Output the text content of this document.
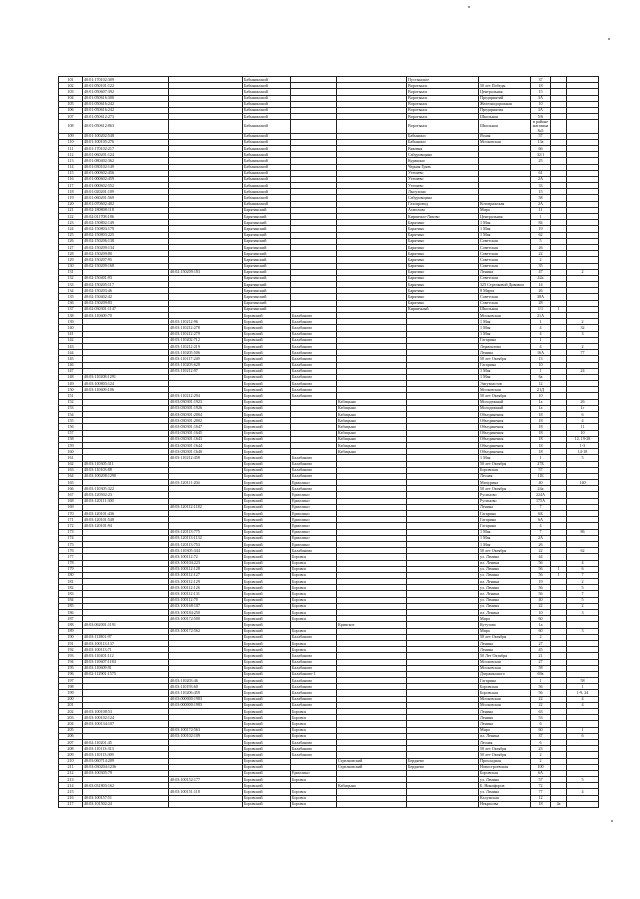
101	40:01:170102:309		Бабынинский			Пустынское		37		
102	40:01:050101:122		Бабынинский			Воротынск	50 лет Победы	18		
103	40:01:050607:392		Бабынинский			Воротынск	Центральная	15		
104	40:01:050616:300		Бабынинский			Воротынск	Предприятий	3А		
105	40:01:050616:242		Бабынинский			Воротынск	Железнодорожная	10		
106	40:01:050616:242		Бабынинский			Воротынск	Предприятия	3А		
107	40:01:050612:273		Бабынинский			Воротынск	Школьная	5/6		
108	40:01:050612:863		Бабынинский			Воротынск	Школьная	в районе магазина №5		
109	40:01:100202:548		Бабынинский			Бабынино	Ясная	57		
110	40:01:100105:276		Бабынинский			Бабынино	Московская	13а		
111	40:01:170102:217		Бабынинский			Вязовня		66		
112	40:01:060201:124		Бабынинский			Сабуровщино		32/1		
113	40:01:080402:362		Бабынинский			Куракино		25		
114	40:01:030102:149		Бабынинский			Черная Грязь				
115	40:01:000602:456		Бабынинский			Утешево		61		
116	40:01:000602:459		Бабынинский			Утешево		2А		
117	40:01:000602:552		Бабынинский			Утешево		33		
118	40:01:020201:109		Бабынинский			Лысухино		15		
119	40:01:060201:569		Бабынинский			Сабуровщино		58		
120	40:01:070602:402		Бабынинский			Газопровод	Котовражская	2А		
121	40:02:180808:118		Барятинский			Асмолово	Мира	11		
122	40:02:011708:186		Барятинский			Кирпично-Ляхово	Центральная	1		
123	40:02:150802:149		Барятинский			Барятино	1 Мая	84		
124	40:02:150803:179		Барятинский			Барятино	1 Мая	19		
125	40:02:150803:225		Барятинский			Барятино	1 Мая	62		
126	40:02:150206:138		Барятинский			Барятино	Советская	5		
127	40:02:150209:134		Барятинский			Барятино	Советская	26		
128	40:02:150209:80		Барятинский			Барятино	Советская	22		
129	40:02:150207:95		Барятинский			Барятино	Советская	2		
130	40:02:150209:168		Барятинский			Барятино	Советская	35		
131		40:02:150209:183	Барятинский			Барятино	Ленина	47		2
132	40:02:150401:93		Барятинский			Барятино	Советская	42а		
133	40:02:150205:117		Барятинский			Барятино	325 Стрелковой Дивизии	14		
134	40:02:150203:46		Барятинский			Барятино	8 Марта	26		
135	40:02:150402:42		Барятинский			Барятино	Советская	38А		
136	40:02:150209:83		Барятинский			Барятино	Советская	28		
137	40:02:030301:1147		Барятинский			Кирпичный	Школьная	1/1	1	
138	40:03:110609:70		Боровский	Балабаново			Московская	21А		
139		40:03:110212:96	Боровский	Балабаново			1 Мая	1		2
140		40:03:110212:278	Боровский	Балабаново			1 Мая	4		32
141		40:03:110212:279	Боровский	Балабаново			1 Мая	4		3
142		40:03:110202:712	Боровский	Балабаново			Гагарина	1		
143		40:03:110212:219	Боровский	Балабаново			Лермонтова	4		2
144		40:03:110205:506	Боровский	Балабаново			Ленина	16А		77
145		40:03:110117:249	Боровский	Балабаново			50 лет Октября	13		
146		40:03:110203:628	Боровский	Балабаново			Гагарина	10		
147		40:03:110212:97	Боровский	Балабаново			1 Мая	1		24
148	40:03:110208:1291		Боровский	Балабаново			1 Мая	6а		
149	40:03:100803:124		Боровский	Балабаново			Энтузиастов	12		
150	40:03:110609:106		Боровский	Балабаново			Московская	21Д		
151		40:03:110212:294	Боровский	Балабаново			50 лет Октября	10		
152		40:03:030301:1923	Боровский		Кабицыно		Молодежный	1а		26
153		40:03:030301:1926	Боровский		Кабицыно		Молодежный	1а		1г
154		40:03:030301:2004	Боровский		Кабицыно		Объединения	18		6
155		40:03:030301:2002	Боровский		Кабицыно		Объединения	18		4
156		40:03:030301:1647	Боровский		Кабицыно		Объединения	18		11
157		40:03:030301:1645	Боровский		Кабицыно		Объединения	18		10
158		40:03:030301:1643	Боровский		Кабицыно		Объединения	18		12, 19-28
159		40:03:030301:1644	Боровский		Кабицыно		Объединения	18		1-3
160		40:03:030301:1646	Боровский		Кабицыно		Объединения	18		14-18
161		40:03:110212:458	Боровский	Балабаново			1 Мая	1		5
162	40:03:110305:311		Боровский	Балабаново			50 лет Октября	27Б		
163	40:03:110103:88		Боровский	Балабаново			Боровская	57		
164	40:03:100208:1290		Боровский	Балабаново			Лесная	11Б		
165		40:03:120111:204	Боровский	Ермолино			Мичурина	40		140
166	40:03:110305:322		Боровский	Балабаново			50 лет Октября	24а		
167	40:03:120502:23		Боровский	Ермолино			Русиново	224А		
168	40:03:120111:300		Боровский	Ермолино			Русиново	175А		
169		40:03:120112:1182	Боровский	Ермолино			Ленина	7		
170	40:03:120101:436		Боровский	Ермолино			Гагарина	6Б		
171	40:03:120101:548		Боровский	Ермолино			Гагарина	6А		
172	40:03:120101:94		Боровский	Ермолино			Гагарина	4		
173		40:03:120113:775	Боровский	Ермолино			1 Мая	7		86
174		40:03:120113:1132	Боровский	Ермолино			1 Мая	2А		
175		40:03:120113:753	Боровский	Ермолино			1 Мая	26		
176		40:03:110305:344	Боровский	Балабаново			50 лет Октября	22		62
177		40:03:100112:72	Боровский	Боровск			ул. Ленина	44		
178		40:03:100104:223	Боровский	Боровск			пл. Ленина	56		4
179		40:03:100112:128	Боровский	Боровск			ул. Ленина	56	1	6
180		40:03:100112:127	Боровский	Боровск			ул. Ленина	56	1	7
181		40:03:100112:129	Боровский	Боровск			пл. Ленина	19		2
182		40:03:100112:126	Боровский	Боровск			ул. Ленина	56		5
183		40:03:100112:131	Боровский	Боровск			пл. Ленина	56		7
184		40:03:100112:70	Боровский	Боровск			ул. Ленина	40		5
185		40:03:100168:107	Боровский	Боровск			ул. Ленина	22		2
186		40:03:100184:250	Боровский	Боровск			пл. Ленина	10		3
187		40:03:100172:500	Боровский	Боровск			Мира	60		
188	40:03:062001:1191		Боровский		Кривское		Кутузова	1а		
189		40:03:100172:562	Боровский	Боровск			Мира	60		3
190	40:03:111801:97		Боровский	Балабаново			50 лет Октября	2		
191	40:03:100113:137		Боровский	Боровск			Ленина	27		
192	40:03:100113:71		Боровский	Боровск			Ленина	45		
193	40:03:110401:112		Боровский	Балабаново			50 Лет Октября	21		
194	40:03:110607:1184		Боровский	Балабаново			Московская	27		
195	40:03:110609:91		Боровский	Балабаново			Московская	58		
196	40:02:112901:1575		Боровский	Балабаново-1			Дзержинского	69а		
197		40:03:110203:46	Боровский	Балабаново			Гагарина	1		58
198		40:03:110193:60	Боровский	Балабаново			Боровская	56		1
199		40:03:110206:459	Боровский	Балабаново			Боровская	56		1-9, 24
200		40:03:000000:1983	Боровский	Балабаново			Московская	22		4
201		40:03:000000:1983	Боровский	Балабаново			Московская	22		4
202	40:03:100108:53		Боровский	Боровск			Ленина	63		
203	40:03:100102:124		Боровский	Боровск			Ленина	53		
204	40:03:100134:107		Боровский	Боровск			Ленина	6		
205		40:03:100172:563	Боровский	Боровск			Мира	60		1
206		40:03:100102:109	Боровский	Боровск			пл. Ленина	37		6
207	40:02:110201:45		Боровский	Балабаново			Лесная	6		
208	40:03:110113:313		Боровский	Балабаново			50 лет Октября	23		
209	40:03:110113:309		Боровский	Балабаново			50 лет Октября	2		
210	40:03:060714:209		Боровский		Стрелковский	Бердяево	Прохладная	2		
211	40:03:030204:1236		Боровский		Стрелковский	Бердяево	Новостроевская	100		
212	40:03:100305:79		Боровский	Ермолино			Боровская	6А		
213		40:03:100152:177	Боровский	Боровск			ул. Ленина	57		5
214	40:03:031803:162		Боровский		Кабицыно		Б. Никифоров	72		
215		40:03:100151:118	Боровский	Боровск			ул. Ленина	77		4
216	40:03:100157:51		Боровский	Боровск			Калужская	12		
217	40:03:101502:24		Боровский	Боровск			Некрасова	18	4а	
